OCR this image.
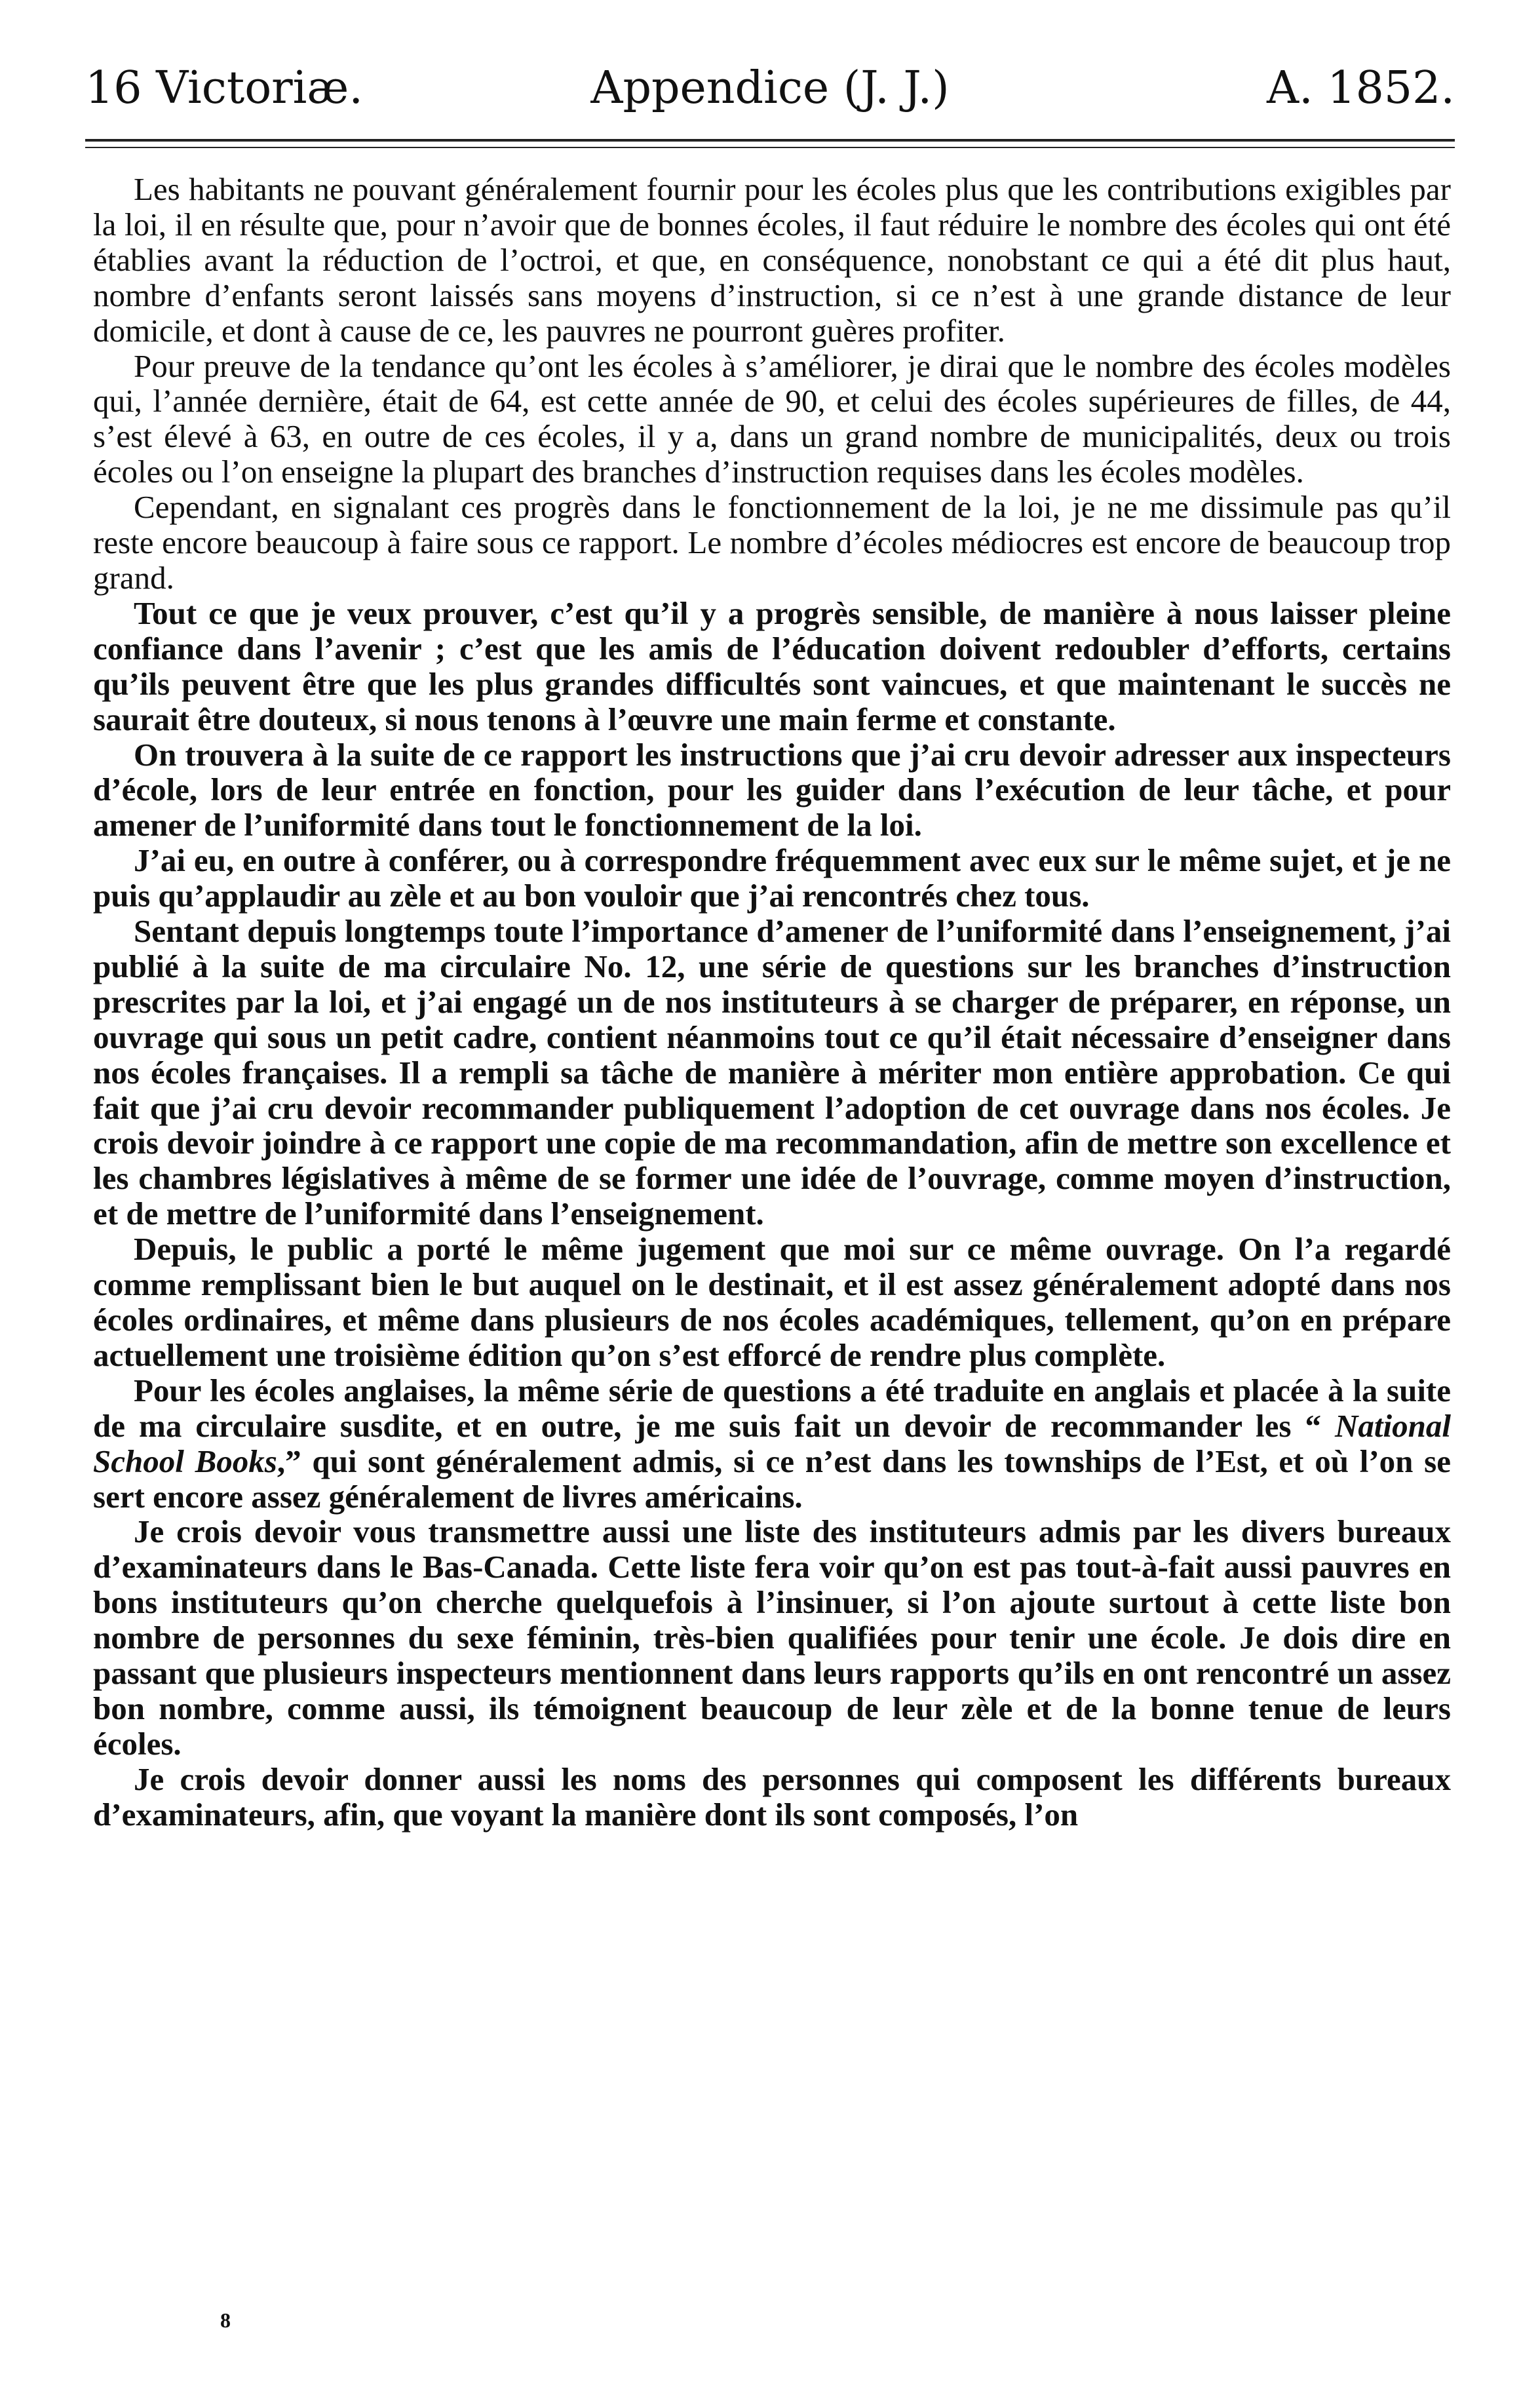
16 Victoriæ.	Appendice (J. J.)	A. 1852.

Les habitants ne pouvant généralement fournir pour les écoles plus que les contributions exigibles par la loi, il en résulte que, pour n’avoir que de bonnes écoles, il faut réduire le nombre des écoles qui ont été établies avant la réduction de l’octroi, et que, en conséquence, nonobstant ce qui a été dit plus haut, nombre d’enfants seront laissés sans moyens d’instruction, si ce n’est à une grande distance de leur domicile, et dont à cause de ce, les pauvres ne pourront guères profiter.

Pour preuve de la tendance qu’ont les écoles à s’améliorer, je dirai que le nombre des écoles modèles qui, l’année dernière, était de 64, est cette année de 90, et celui des écoles supérieures de filles, de 44, s’est élevé à 63, en outre de ces écoles, il y a, dans un grand nombre de municipalités, deux ou trois écoles ou l’on enseigne la plupart des branches d’instruction requises dans les écoles modèles.

Cependant, en signalant ces progrès dans le fonctionnement de la loi, je ne me dissimule pas qu’il reste encore beaucoup à faire sous ce rapport. Le nombre d’écoles médiocres est encore de beaucoup trop grand.

Tout ce que je veux prouver, c’est qu’il y a progrès sensible, de manière à nous laisser pleine confiance dans l’avenir ; c’est que les amis de l’éducation doivent redoubler d’efforts, certains qu’ils peuvent être que les plus grandes difficultés sont vaincues, et que maintenant le succès ne saurait être douteux, si nous tenons à l’œuvre une main ferme et constante.

On trouvera à la suite de ce rapport les instructions que j’ai cru devoir adresser aux inspecteurs d’école, lors de leur entrée en fonction, pour les guider dans l’exécution de leur tâche, et pour amener de l’uniformité dans tout le fonctionnement de la loi.

J’ai eu, en outre à conférer, ou à correspondre fréquemment avec eux sur le même sujet, et je ne puis qu’applaudir au zèle et au bon vouloir que j’ai rencontrés chez tous.

Sentant depuis longtemps toute l’importance d’amener de l’uniformité dans l’enseignement, j’ai publié à la suite de ma circulaire No. 12, une série de questions sur les branches d’instruction prescrites par la loi, et j’ai engagé un de nos instituteurs à se charger de préparer, en réponse, un ouvrage qui sous un petit cadre, contient néanmoins tout ce qu’il était nécessaire d’enseigner dans nos écoles françaises. Il a rempli sa tâche de manière à mériter mon entière approbation. Ce qui fait que j’ai cru devoir recommander publiquement l’adoption de cet ouvrage dans nos écoles. Je crois devoir joindre à ce rapport une copie de ma recommandation, afin de mettre son excellence et les chambres législatives à même de se former une idée de l’ouvrage, comme moyen d’instruction, et de mettre de l’uniformité dans l’enseignement.

Depuis, le public a porté le même jugement que moi sur ce même ouvrage. On l’a regardé comme remplissant bien le but auquel on le destinait, et il est assez généralement adopté dans nos écoles ordinaires, et même dans plusieurs de nos écoles académiques, tellement, qu’on en prépare actuellement une troisième édition qu’on s’est efforcé de rendre plus complète.

Pour les écoles anglaises, la même série de questions a été traduite en anglais et placée à la suite de ma circulaire susdite, et en outre, je me suis fait un devoir de recommander les “ National School Books,” qui sont généralement admis, si ce n’est dans les townships de l’Est, et où l’on se sert encore assez généralement de livres américains.

Je crois devoir vous transmettre aussi une liste des instituteurs admis par les divers bureaux d’examinateurs dans le Bas-Canada. Cette liste fera voir qu’on est pas tout-à-fait aussi pauvres en bons instituteurs qu’on cherche quelquefois à l’insinuer, si l’on ajoute surtout à cette liste bon nombre de personnes du sexe féminin, très-bien qualifiées pour tenir une école. Je dois dire en passant que plusieurs inspecteurs mentionnent dans leurs rapports qu’ils en ont rencontré un assez bon nombre, comme aussi, ils témoignent beaucoup de leur zèle et de la bonne tenue de leurs écoles.

Je crois devoir donner aussi les noms des personnes qui composent les différents bureaux d’examinateurs, afin, que voyant la manière dont ils sont composés, l’on

8
